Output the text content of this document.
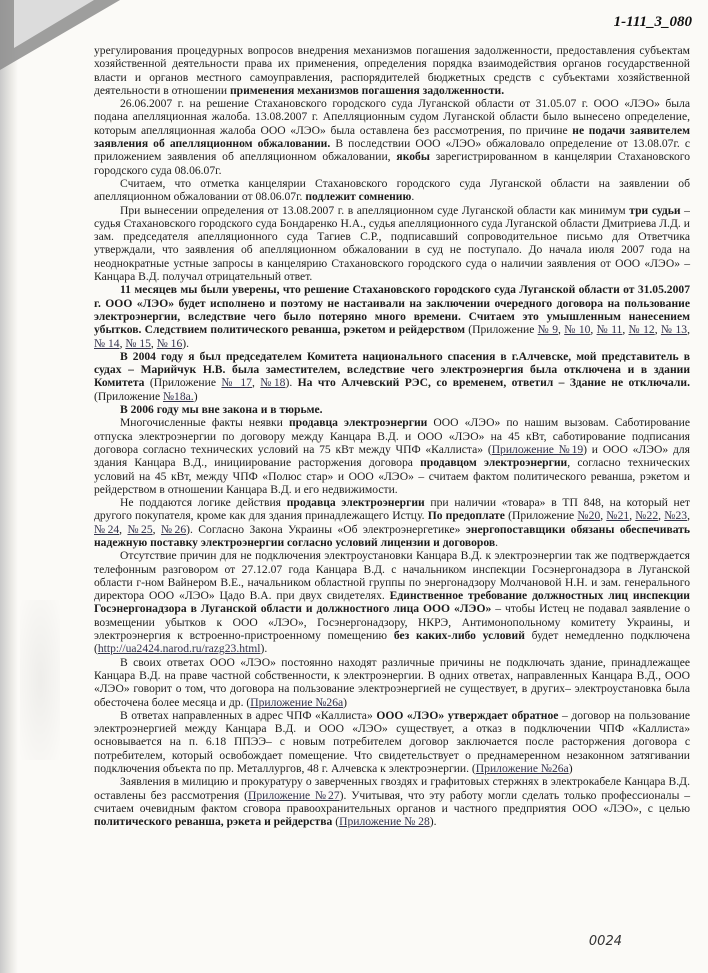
1-111_3_080

урегулирования процедурных вопросов внедрения механизмов погашения задолженности, предоставления субъектам хозяйственной деятельности права их применения, определения порядка взаимодействия органов государственной власти и органов местного самоуправления, распорядителей бюджетных средств с субъектами хозяйственной деятельности в отношении применения механизмов погашения задолженности.

26.06.2007 г. на решение Стахановского городского суда Луганской области от 31.05.07 г. ООО «ЛЭО» была подана апелляционная жалоба. 13.08.2007 г. Апелляционным судом Луганской области было вынесено определение, которым апелляционная жалоба ООО «ЛЭО» была оставлена без рассмотрения, по причине не подачи заявителем заявления об апелляционном обжаловании. В последствии ООО «ЛЭО» обжаловало определение от 13.08.07г. с приложением заявления об апелляционном обжаловании, якобы зарегистрированном в канцелярии Стахановского городского суда 08.06.07г.

Считаем, что отметка канцелярии Стахановского городского суда Луганской области на заявлении об апелляционном обжаловании от 08.06.07г. подлежит сомнению.

При вынесении определения от 13.08.2007 г. в апелляционном суде Луганской области как минимум три судьи – судья Стахановского городского суда Бондаренко Н.А., судья апелляционного суда Луганской области Дмитриева Л.Д. и зам. председателя апелляционного суда Тагиев С.Р., подписавший сопроводительное письмо для Ответчика утверждали, что заявления об апелляционном обжаловании в суд не поступало. До начала июля 2007 года на неоднократные устные запросы в канцелярию Стахановского городского суда о наличии заявления от ООО «ЛЭО» – Канцара В.Д. получал отрицательный ответ.

11 месяцев мы были уверены, что решение Стахановского городского суда Луганской области от 31.05.2007 г. ООО «ЛЭО» будет исполнено и поэтому не настаивали на заключении очередного договора на пользование электроэнергии, вследствие чего было потеряно много времени. Считаем это умышленным нанесением убытков. Следствием политического реванша, рэкетом и рейдерством (Приложение № 9, № 10, № 11, № 12, № 13, № 14, № 15, № 16).

В 2004 году я был председателем Комитета национального спасения в г.Алчевске, мой представитель в судах – Марийчук Н.В. была заместителем, вследствие чего электроэнергия была отключена и в здании Комитета (Приложение № 17, №18). На что Алчевский РЭС, со временем, ответил – Здание не отключали. (Приложение №18а.)

В 2006 году мы вне закона и в тюрьме.

Многочисленные факты неявки продавца электроэнергии ООО «ЛЭО» по нашим вызовам. Саботирование отпуска электроэнергии по договору между Канцара В.Д. и ООО «ЛЭО» на 45 кВт, саботирование подписания договора согласно технических условий на 75 кВт между ЧПФ «Каллиста» (Приложение №19) и ООО «ЛЭО» для здания Канцара В.Д., инициирование расторжения договора продавцом электроэнергии, согласно технических условий на 45 кВт, между ЧПФ «Полюс стар» и ООО «ЛЭО» – считаем фактом политического реванша, рэкетом и рейдерством в отношении Канцара В.Д. и его недвижимости.

Не поддаются логике действия продавца электроэнергии при наличии «товара» в ТП 848, на который нет другого покупателя, кроме как для здания принадлежащего Истцу. По предоплате (Приложение №20, №21, №22, №23, №24, №25, №26). Согласно Закона Украины «Об электроэнергетике» энергопоставщики обязаны обеспечивать надежную поставку электроэнергии согласно условий лицензии и договоров.

Отсутствие причин для не подключения электроустановки Канцара В.Д. к электроэнергии так же подтверждается телефонным разговором от 27.12.07 года Канцара В.Д. с начальником инспекции Госэнергонадзора в Луганской области г-ном Вайнером В.Е., начальником областной группы по энергонадзору Молчановой Н.Н. и зам. генерального директора ООО «ЛЭО» Цадо В.А. при двух свидетелях. Единственное требование должностных лиц инспекции Госэнергонадзора в Луганской области и должностного лица ООО «ЛЭО» – чтобы Истец не подавал заявление о возмещении убытков к ООО «ЛЭО», Госэнергонадзору, НКРЭ, Антимонопольному комитету Украины, и электроэнергия к встроенно-пристроенному помещению без каких-либо условий будет немедленно подключена (http://ua2424.narod.ru/razg23.html).

В своих ответах ООО «ЛЭО» постоянно находят различные причины не подключать здание, принадлежащее Канцара В.Д. на праве частной собственности, к электроэнергии. В одних ответах, направленных Канцара В.Д., ООО «ЛЭО» говорит о том, что договора на пользование электроэнергией не существует, в других– электроустановка была обесточена более месяца и др. (Приложение №26а)

В ответах направленных в адрес ЧПФ «Каллиста» ООО «ЛЭО» утверждает обратное – договор на пользование электроэнергией между Канцара В.Д. и ООО «ЛЭО» существует, а отказ в подключении ЧПФ «Каллиста» основывается на п. 6.18 ППЭЭ– с новым потребителем договор заключается после расторжения договора с потребителем, который освобождает помещение. Что свидетельствует о преднамеренном незаконном затягивании подключения объекта по пр. Металлургов, 48 г. Алчевска к электроэнергии. (Приложение №26а)

Заявления в милицию и прокуратуру о заверченных гвоздях и графитовых стержнях в электрокабеле Канцара В.Д. оставлены без рассмотрения (Приложение №27). Учитывая, что эту работу могли сделать только профессионалы – считаем очевидным фактом сговора правоохранительных органов и частного предприятия ООО «ЛЭО», с целью политического реванша, рэкета и рейдерства (Приложение № 28).

0024
